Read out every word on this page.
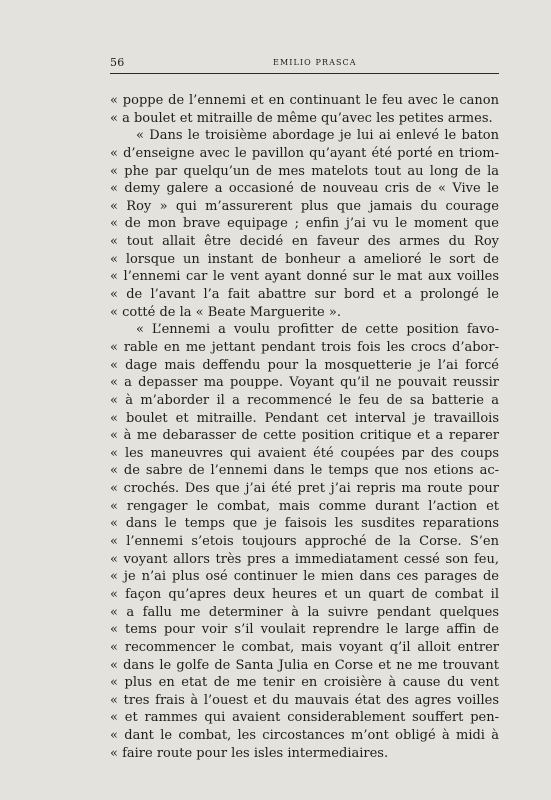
56	EMILIO PRASCA
« poppe de l’ennemi et en continuant le feu avec le canon
« a boulet et mitraille de même qu’avec les petites armes.
« Dans le troisième abordage je lui ai enlevé le baton
« d’enseigne avec le pavillon qu’ayant été porté en triom-
« phe par quelqu’un de mes matelots tout au long de la
« demy galere a occasioné de nouveau cris de « Vive le
« Roy » qui m’assurerent plus que jamais du courage
« de mon brave equipage ; enfin j’ai vu le moment que
« tout allait être decidé en faveur des armes du Roy
« lorsque un instant de bonheur a amelioré le sort de
« l’ennemi car le vent ayant donné sur le mat aux voilles
« de l’avant l’a fait abattre sur bord et a prolongé le
« cotté de la « Beate Marguerite ».
« L’ennemi a voulu profitter de cette position favo-
« rable en me jettant pendant trois fois les crocs d’abor-
« dage mais deffendu pour la mosquetterie je l’ai forcé
« a depasser ma pouppe. Voyant qu’il ne pouvait reussir
« à m’aborder il a recommencé le feu de sa batterie a
« boulet et mitraille. Pendant cet interval je travaillois
« à me debarasser de cette position critique et a reparer
« les maneuvres qui avaient été coupées par des coups
« de sabre de l’ennemi dans le temps que nos etions ac-
« crochés. Des que j’ai été pret j’ai repris ma route pour
« rengager le combat, mais comme durant l’action et
« dans le temps que je faisois les susdites reparations
« l’ennemi s’etois toujours approché de la Corse. S’en
« voyant allors très pres a immediatament cessé son feu,
« je n’ai plus osé continuer le mien dans ces parages de
« façon qu’apres deux heures et un quart de combat il
« a fallu me determiner à la suivre pendant quelques
« tems pour voir s’il voulait reprendre le large affin de
« recommencer le combat, mais voyant q’il alloit entrer
« dans le golfe de Santa Julia en Corse et ne me trouvant
« plus en etat de me tenir en croisière à cause du vent
« tres frais à l’ouest et du mauvais état des agres voilles
« et rammes qui avaient considerablement souffert pen-
« dant le combat, les circostances m’ont obligé à midi à
« faire route pour les isles intermediaires.
